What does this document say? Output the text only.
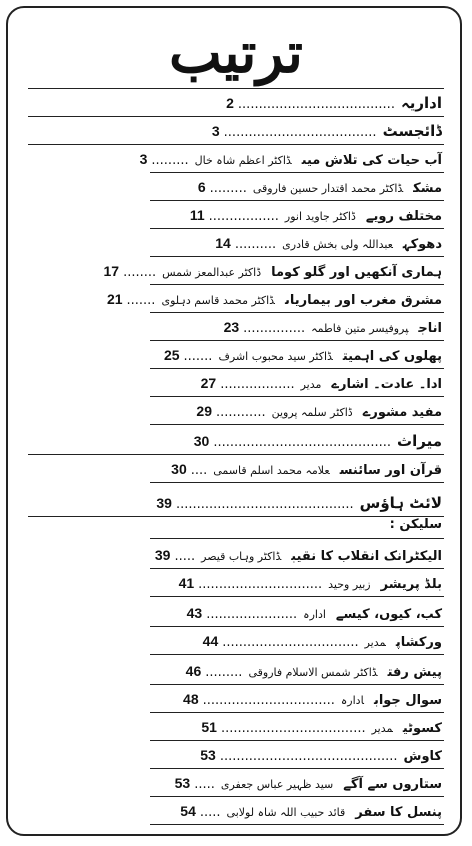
ترتیب
اداریہ......................................2
ڈائجسٹ.....................................3
آب حیات کی تلاش میںڈاکٹر اعظم شاہ خال.........3
مشکڈاکٹر محمد اقتدار حسین فاروقی.........6
مختلف رویےڈاکٹر جاوید انور.................11
دھوکہعبداللہ ولی بخش قادری..........14
ہماری آنکھیں اور گلو کوماڈاکٹر عبدالمعز شمس........17
مشرق مغرب اور بیماریاںڈاکٹر محمد قاسم دہلوی.......21
اناجپروفیسر متین فاطمہ...............23
پھلوں کی اہمیتڈاکٹر سید محبوب اشرف.......25
ادا۔ عادت۔ اشارےمدیر..................27
مفید مشورےڈاکٹر سلمہ پروین............29
میراث...........................................30
قرآن اور سائنسعلامہ محمد اسلم قاسمی....30
لائٹ ہاؤس...........................................39
سلیکن :
الیکٹرانک انقلاب کا نقیبڈاکٹر وہاب قیصر.....39
بلڈ پریشرزبیر وحید..............................41
کب، کیوں، کیسےادارہ......................43
ورکشاپمدیر.................................44
پیش رفتڈاکٹر شمس الاسلام فاروقی.........46
سوال جوابادارہ................................48
کسوٹیمدیر...................................51
کاوش...........................................53
ستاروں سے آگےسید ظہیر عباس جعفری.....53
پنسل کا سفرقائد حبیب اللہ شاہ لولابی.....54
